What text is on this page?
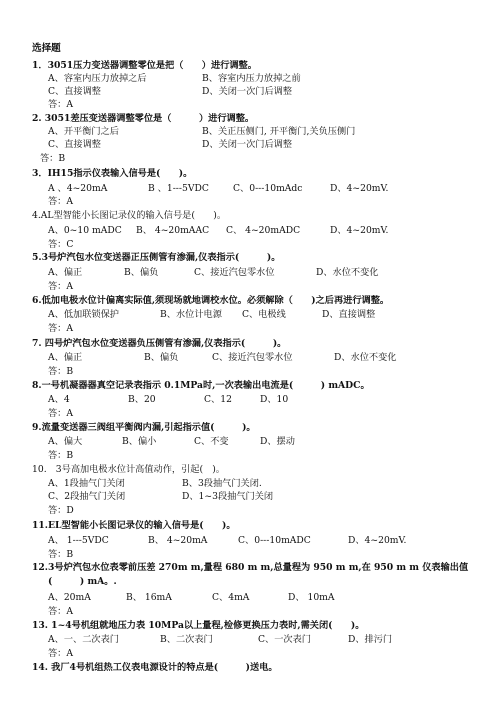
选择题
1．3051压力变送器调整零位是把（　　）进行调整。
A、容室内压力放掉之后	B、容室内压力放掉之前
C、直接调整	D、关闭一次门后调整
答：A
2. 3051差压变送器调整零位是（　　　）进行调整。
A、开平衡门之后	B、关正压侧门, 开平衡门,关负压侧门
C、直接调整	D、关闭一次门后调整
答：B
3．IH15指示仪表输入信号是(　　)。
A 、4~20mA	B 、1---5VDC	C、0---10mAdc	D、4~20mV.
答：A
4.AL型智能小长图记录仪的输入信号是(　　)。
A、0~10 mADC B、 4~20mAAC C、 4~20mADC	D、4~20mV.
答：C
5.3号炉汽包水位变送器正压侧管有渗漏,仪表指示(　　　)。
A、偏正	B、偏负	C、接近汽包零水位	D、水位不变化
答：A
6.低加电极水位计偏离实际值,须现场就地调校水位。必须解除（　　)之后再进行调整。
A、低加联锁保护	B、水位计电源 C、电极线	D、直接调整
答：A
7. 四号炉汽包水位变送器负压侧管有渗漏,仪表指示(　　　)。
A、偏正	B、偏负	C、接近汽包零水位	D、水位不变化
答：B
8.一号机凝器器真空记录表指示 0.1MPa时,一次表输出电流是(　　　) mADC。
A、4	B、20	C、12	D、10
答：A
9.流量变送器三阀组平衡阀内漏,引起指示值(　　　)。
A、偏大	B、偏小	C、不变	D、摆动
答：B
10.　3号高加电极水位计高值动作，引起(　)。
A、1段抽气门关闭	B、3段抽气门关闭.
C、2段抽气门关闭	D、1~3段抽气门关闭
答：D
11.EL型智能小长图记录仪的输入信号是(　　)。
A、 1---5VDC	B、 4~20mA	C、0---10mADC	D、4~20mV.
答：B
12.3号炉汽包水位表零前压差 270m m,量程 680 m m,总量程为 950 m m,在 950 m m 仪表输出值
(　　　) mA。.
A、20mA	B、 16mA	C、4mA	D、 10mA
答：A
13. 1~4号机组就地压力表 10MPa以上量程,检修更换压力表时,需关闭(　　)。
A、一、二次表门	B、二次表门	C、一次表门	D、排污门
答：A
14. 我厂4号机组热工仪表电源设计的特点是(　　　)送电。
